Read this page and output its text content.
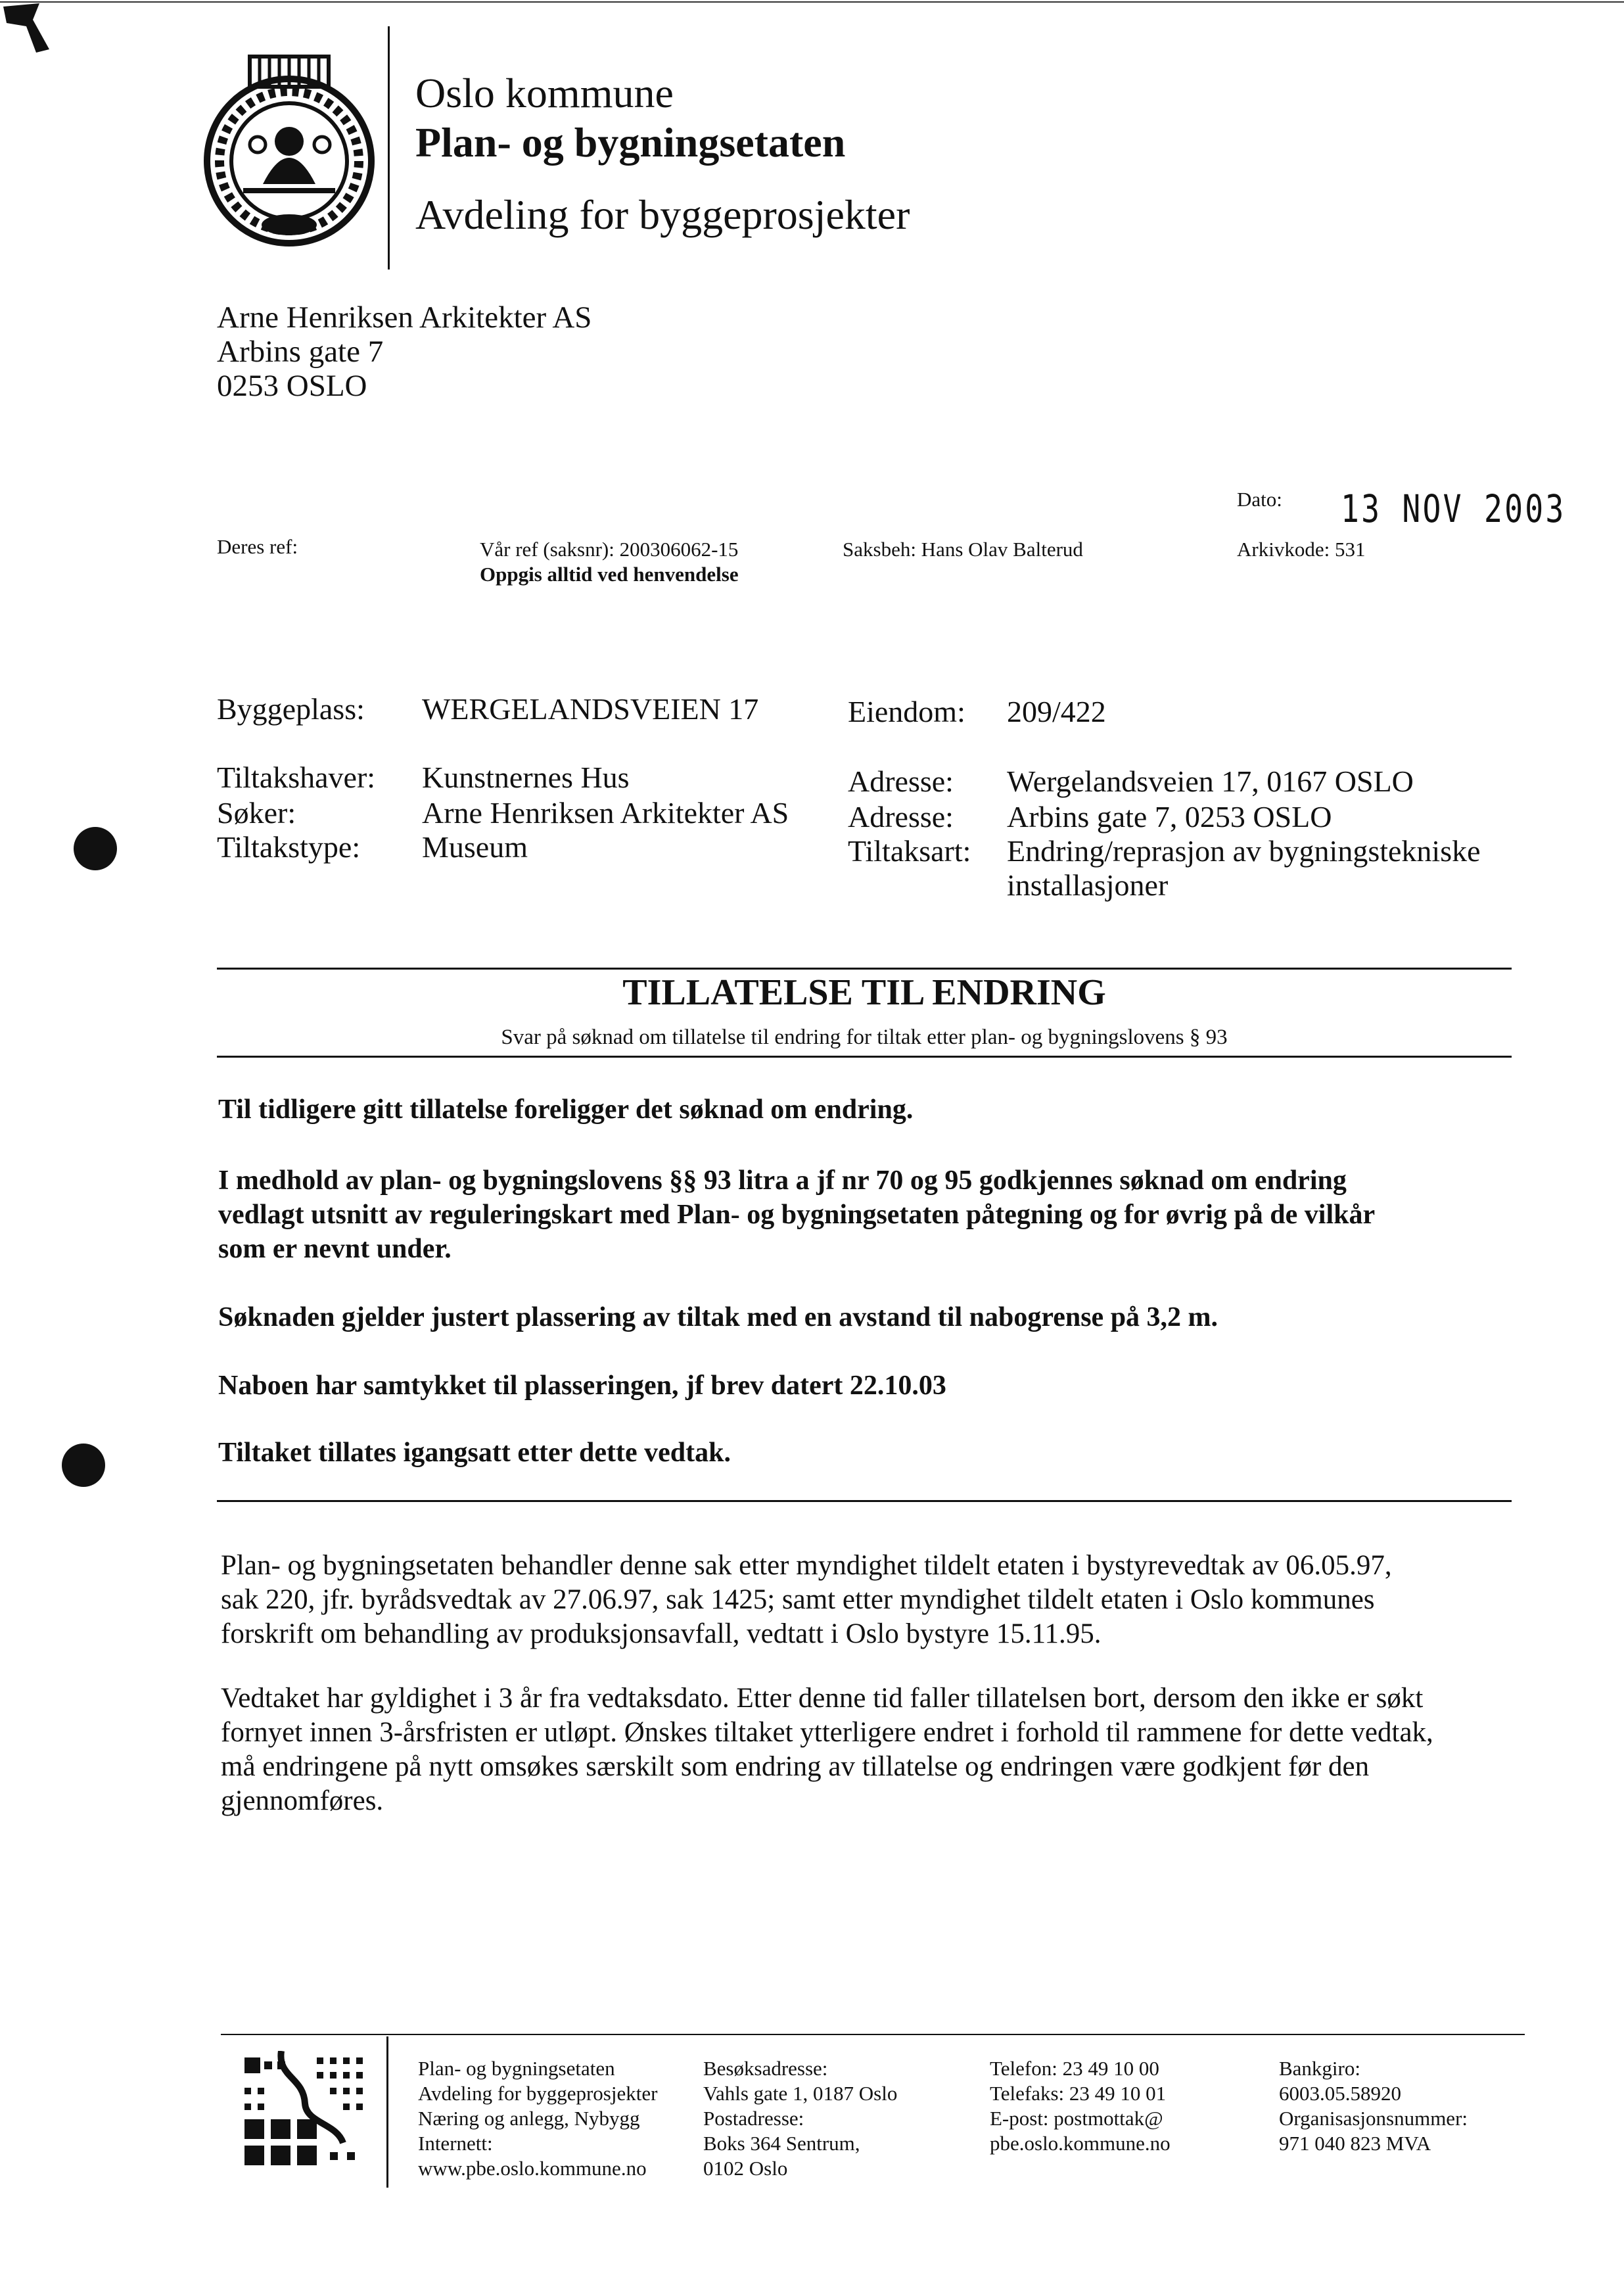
Oslo kommune
Plan- og bygningsetaten
Avdeling for byggeprosjekter
Arne Henriksen Arkitekter AS
Arbins gate 7
0253 OSLO
Dato: 13 NOV 2003
Deres ref:	Vår ref (saksnr): 200306062-15
Oppgis alltid ved henvendelse
Saksbeh: Hans Olav Balterud	Arkivkode: 531
Byggeplass: WERGELANDSVEIEN 17	Eiendom: 209/422
Tiltakshaver: Kunstnernes Hus	Adresse: Wergelandsveien 17, 0167 OSLO
Søker:	Arne Henriksen Arkitekter AS Adresse: Arbins gate 7, 0253 OSLO
Tiltakstype: Museum	Tiltaksart: Endring/reprasjon av bygningstekniske
installasjoner
TILLATELSE TIL ENDRING
Svar på søknad om tillatelse til endring for tiltak etter plan- og bygningslovens § 93
Til tidligere gitt tillatelse foreligger det søknad om endring.
I medhold av plan- og bygningslovens §§ 93 litra a jf nr 70 og 95 godkjennes søknad om endring
vedlagt utsnitt av reguleringskart med Plan- og bygningsetaten påtegning og for øvrig på de vilkår
som er nevnt under.
Søknaden gjelder justert plassering av tiltak med en avstand til nabogrense på 3,2 m.
Naboen har samtykket til plasseringen, jf brev datert 22.10.03
Tiltaket tillates igangsatt etter dette vedtak.
Plan- og bygningsetaten behandler denne sak etter myndighet tildelt etaten i bystyrevedtak av 06.05.97,
sak 220, jfr. byrådsvedtak av 27.06.97, sak 1425; samt etter myndighet tildelt etaten i Oslo kommunes
forskrift om behandling av produksjonsavfall, vedtatt i Oslo bystyre 15.11.95.
Vedtaket har gyldighet i 3 år fra vedtaksdato. Etter denne tid faller tillatelsen bort, dersom den ikke er søkt
fornyet innen 3-årsfristen er utløpt. Ønskes tiltaket ytterligere endret i forhold til rammene for dette vedtak,
må endringene på nytt omsøkes særskilt som endring av tillatelse og endringen være godkjent før den
gjennomføres.
Plan- og bygningsetaten
Avdeling for byggeprosjekter
Næring og anlegg, Nybygg
Internett:
www.pbe.oslo.kommune.no
Besøksadresse:
Vahls gate 1, 0187 Oslo
Postadresse:
Boks 364 Sentrum,
0102 Oslo
Telefon: 23 49 10 00
Telefaks: 23 49 10 01
E-post: postmottak@
pbe.oslo.kommune.no
Bankgiro:
6003.05.58920
Organisasjonsnummer:
971 040 823 MVA
